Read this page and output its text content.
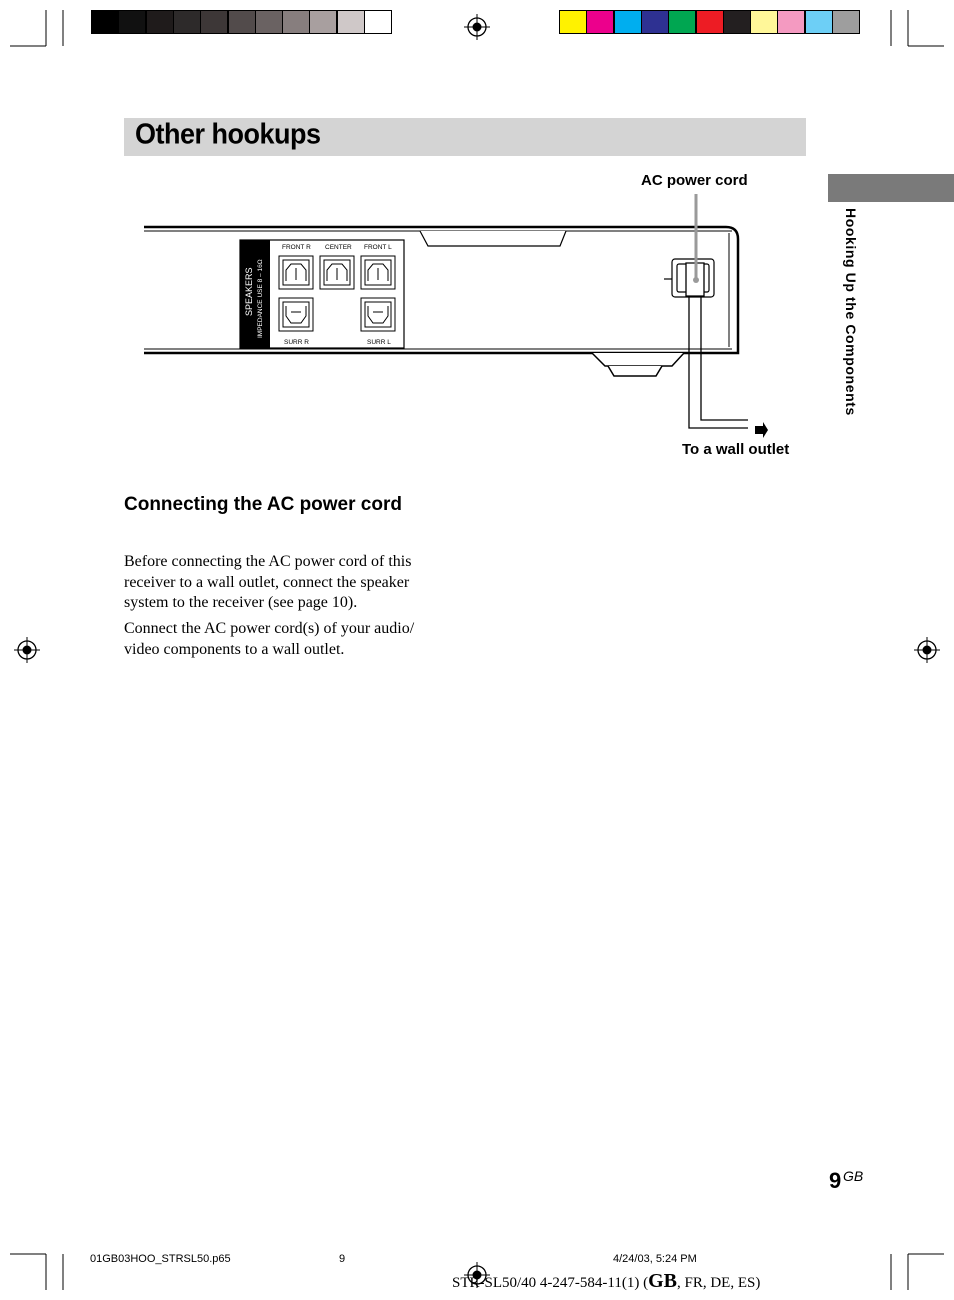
Other hookups
Hooking Up the Components
AC power cord
To a wall outlet
SPEAKERS IMPEDANCE USE 8 – 16Ω
FRONT R CENTER FRONT L
SURR R	SURR L
Connecting the AC power cord
Before connecting the AC power cord of this receiver to a wall outlet, connect the speaker system to the receiver (see page 10).
Connect the AC power cord(s) of your audio/ video components to a wall outlet.
9 GB
01GB03HOO_STRSL50.p65	9	4/24/03, 5:24 PM
STR-SL50/40 4-247-584-11(1) (GB, FR, DE, ES)
